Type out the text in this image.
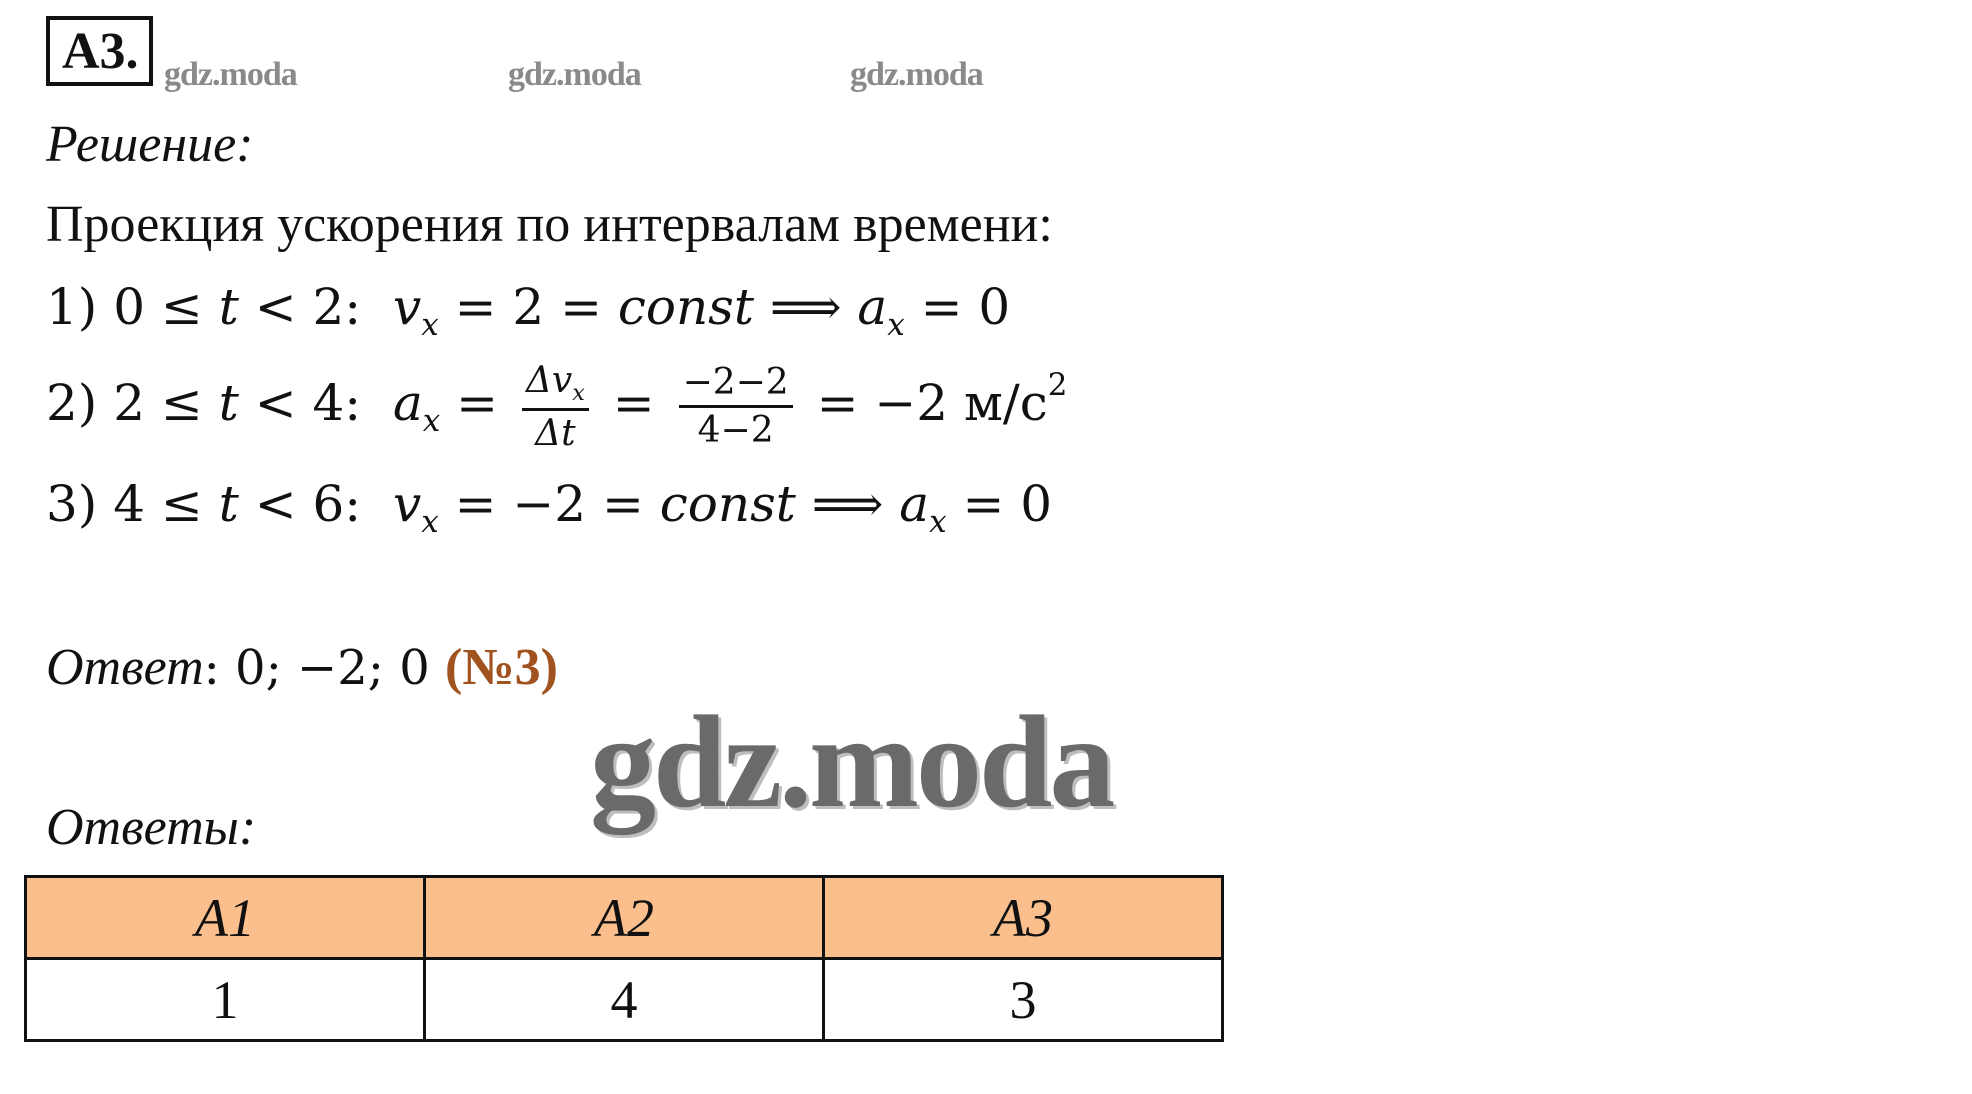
A3. gdz.moda	gdz.moda	gdz.moda
Решение:
Проекция ускорения по интервалам времени:
1) 0 ≤ t < 2:  $v_x = 2$ = const ⟹ $a_x = 0$
2) 2 ≤ t < 4:  $a_x = \frac{\Delta v_x}{\Delta t} = \frac{-2-2}{4-2} = -2$ $м/с^2$
3) 4 ≤ t < 6:  $v_x = -2$ = const ⟹ $a_x = 0$
Ответ: 0; −2; 0 (№3)
gdz.moda
Ответы:
A1	A2	A3
1	4	3
